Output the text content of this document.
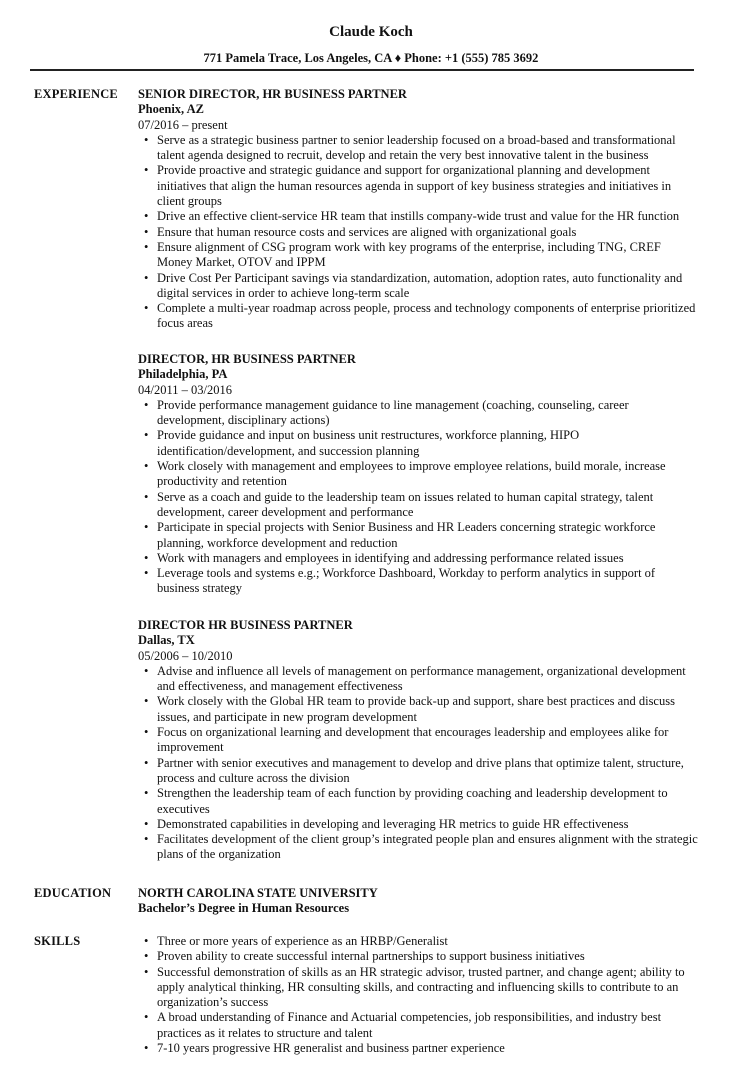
Claude Koch
771 Pamela Trace, Los Angeles, CA ♦ Phone: +1 (555) 785 3692
EXPERIENCE SENIOR DIRECTOR, HR BUSINESS PARTNER
Phoenix, AZ
07/2016 – present
• Serve as a strategic business partner to senior leadership focused on a broad-based and transformational talent agenda designed to recruit, develop and retain the very best innovative talent in the business
• Provide proactive and strategic guidance and support for organizational planning and development initiatives that align the human resources agenda in support of key business strategies and initiatives in client groups
• Drive an effective client-service HR team that instills company-wide trust and value for the HR function
• Ensure that human resource costs and services are aligned with organizational goals
• Ensure alignment of CSG program work with key programs of the enterprise, including TNG, CREF Money Market, OTOV and IPPM
• Drive Cost Per Participant savings via standardization, automation, adoption rates, auto functionality and digital services in order to achieve long-term scale
• Complete a multi-year roadmap across people, process and technology components of enterprise prioritized focus areas
DIRECTOR, HR BUSINESS PARTNER
Philadelphia, PA
04/2011 – 03/2016
• Provide performance management guidance to line management (coaching, counseling, career development, disciplinary actions)
• Provide guidance and input on business unit restructures, workforce planning, HIPO identification/development, and succession planning
• Work closely with management and employees to improve employee relations, build morale, increase productivity and retention
• Serve as a coach and guide to the leadership team on issues related to human capital strategy, talent development, career development and performance
• Participate in special projects with Senior Business and HR Leaders concerning strategic workforce planning, workforce development and reduction
• Work with managers and employees in identifying and addressing performance related issues
• Leverage tools and systems e.g.; Workforce Dashboard, Workday to perform analytics in support of business strategy
DIRECTOR HR BUSINESS PARTNER
Dallas, TX
05/2006 – 10/2010
• Advise and influence all levels of management on performance management, organizational development and effectiveness, and management effectiveness
• Work closely with the Global HR team to provide back-up and support, share best practices and discuss issues, and participate in new program development
• Focus on organizational learning and development that encourages leadership and employees alike for improvement
• Partner with senior executives and management to develop and drive plans that optimize talent, structure, process and culture across the division
• Strengthen the leadership team of each function by providing coaching and leadership development to executives
• Demonstrated capabilities in developing and leveraging HR metrics to guide HR effectiveness
• Facilitates development of the client group’s integrated people plan and ensures alignment with the strategic plans of the organization
EDUCATION NORTH CAROLINA STATE UNIVERSITY
Bachelor’s Degree in Human Resources
SKILLS
•	Three or more years of experience as an HRBP/Generalist
• Proven ability to create successful internal partnerships to support business initiatives
• Successful demonstration of skills as an HR strategic advisor, trusted partner, and change agent; ability to apply analytical thinking, HR consulting skills, and contracting and influencing skills to contribute to an organization’s success
• A broad understanding of Finance and Actuarial competencies, job responsibilities, and industry best practices as it relates to structure and talent
• 7-10 years progressive HR generalist and business partner experience
